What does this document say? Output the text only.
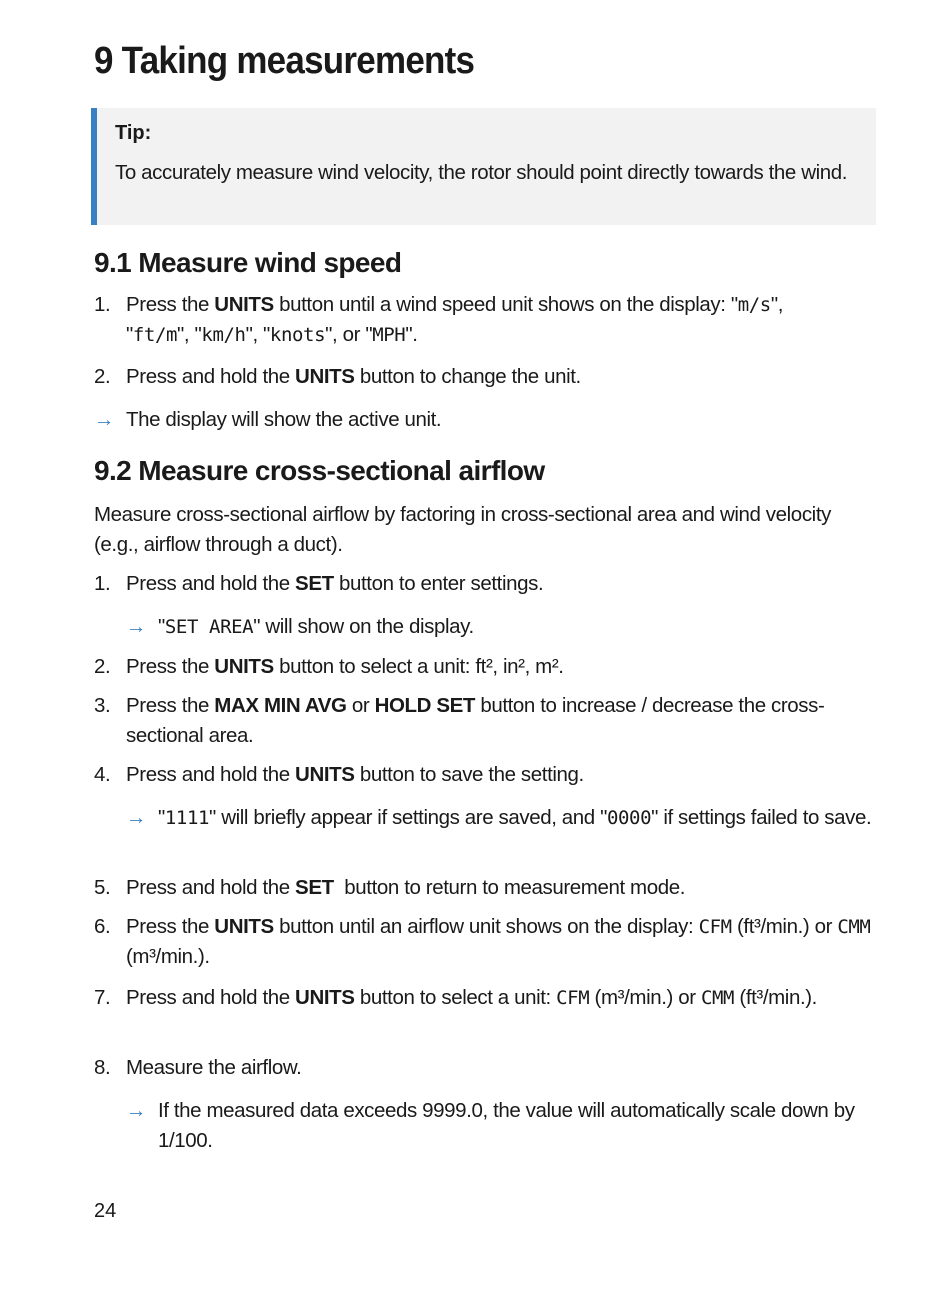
9 Taking measurements
Tip:
To accurately measure wind velocity, the rotor should point directly towards the wind.
9.1 Measure wind speed
1. Press the UNITS button until a wind speed unit shows on the display: "m/s",
"ft/m", "km/h", "knots", or "MPH".
2. Press and hold the UNITS button to change the unit.
→ The display will show the active unit.
9.2 Measure cross-sectional airflow
Measure cross-sectional airflow by factoring in cross-sectional area and wind velocity (e.g., airflow through a duct).
1. Press and hold the SET button to enter settings.
→ "SET AREA" will show on the display.
2. Press the UNITS button to select a unit: ft², in², m².
3. Press the MAX MIN AVG or HOLD SET button to increase / decrease the cross-sectional area.
4. Press and hold the UNITS button to save the setting.
→ "1111" will briefly appear if settings are saved, and "0000" if settings failed to save.
5. Press and hold the SET  button to return to measurement mode.
6. Press the UNITS button until an airflow unit shows on the display: CFM (ft³/min.) or CMM (m³/min.).
7. Press and hold the UNITS button to select a unit: CFM (m³/min.) or CMM (ft³/min.).
8. Measure the airflow.
→ If the measured data exceeds 9999.0, the value will automatically scale down by 1/100.
24
